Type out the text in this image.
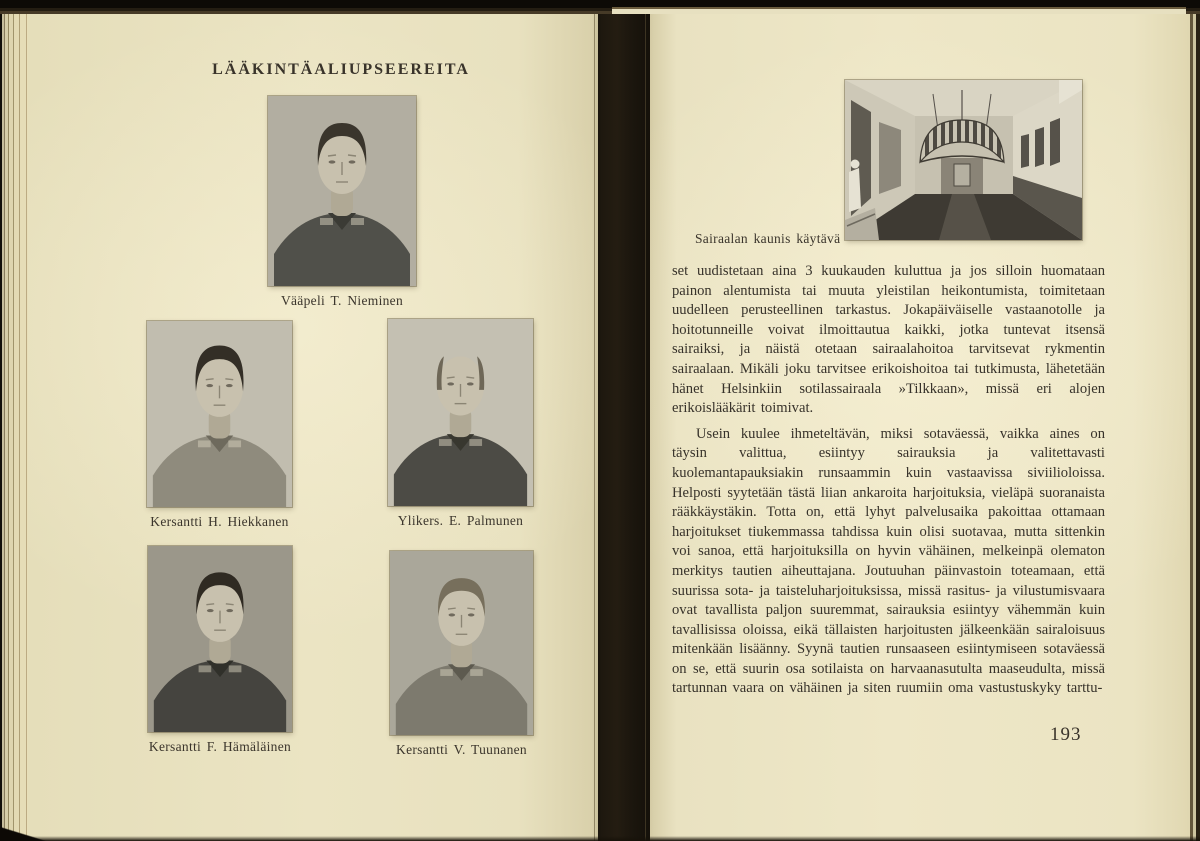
LÄÄKINTÄALIUPSEEREITA
Vääpeli T. Nieminen
Kersantti H. Hiekkanen	Ylikers. E. Palmunen
Kersantti F. Hämäläinen	Kersantti V. Tuunanen
Sairaalan kaunis käytävä

set uudistetaan aina 3 kuukauden kuluttua ja jos silloin huomataan painon alentumista tai muuta yleistilan heikontumista, toimitetaan uudelleen perusteellinen tarkastus. Jokapäiväiselle vastaanotolle ja hoitotunneille voivat ilmoittautua kaikki, jotka tuntevat itsensä sairaiksi, ja näistä otetaan sairaalahoitoa tarvitsevat rykmentin sairaalaan. Mikäli joku tarvitsee erikoishoitoa tai tutkimusta, lähetetään hänet Helsinkiin sotilassairaala »Tilkkaan», missä eri alojen erikoislääkärit toimivat.

Usein kuulee ihmeteltävän, miksi sotaväessä, vaikka aines on täysin valittua, esiintyy sairauksia ja valitettavasti kuolemantapauksiakin runsaammin kuin vastaavissa siviilioloissa. Helposti syytetään tästä liian ankaroita harjoituksia, vieläpä suoranaista rääkkäystäkin. Totta on, että lyhyt palvelusaika pakoittaa ottamaan harjoitukset tiukemmassa tahdissa kuin olisi suotavaa, mutta sittenkin voi sanoa, että harjoituksilla on hyvin vähäinen, melkeinpä olematon merkitys tautien aiheuttajana. Joutuuhan päinvastoin toteamaan, että suurissa sota- ja taisteluharjoituksissa, missä rasitus- ja vilustumisvaara ovat tavallista paljon suuremmat, sairauksia esiintyy vähemmän kuin tavallisissa oloissa, eikä tällaisten harjoitusten jälkeenkään sairaloisuus mitenkään lisäänny. Syynä tautien runsaaseen esiintymiseen sotaväessä on se, että suurin osa sotilaista on harvaanasutulta maaseudulta, missä tartunnan vaara on vähäinen ja siten ruumiin oma vastustuskyky tarttu-

193
